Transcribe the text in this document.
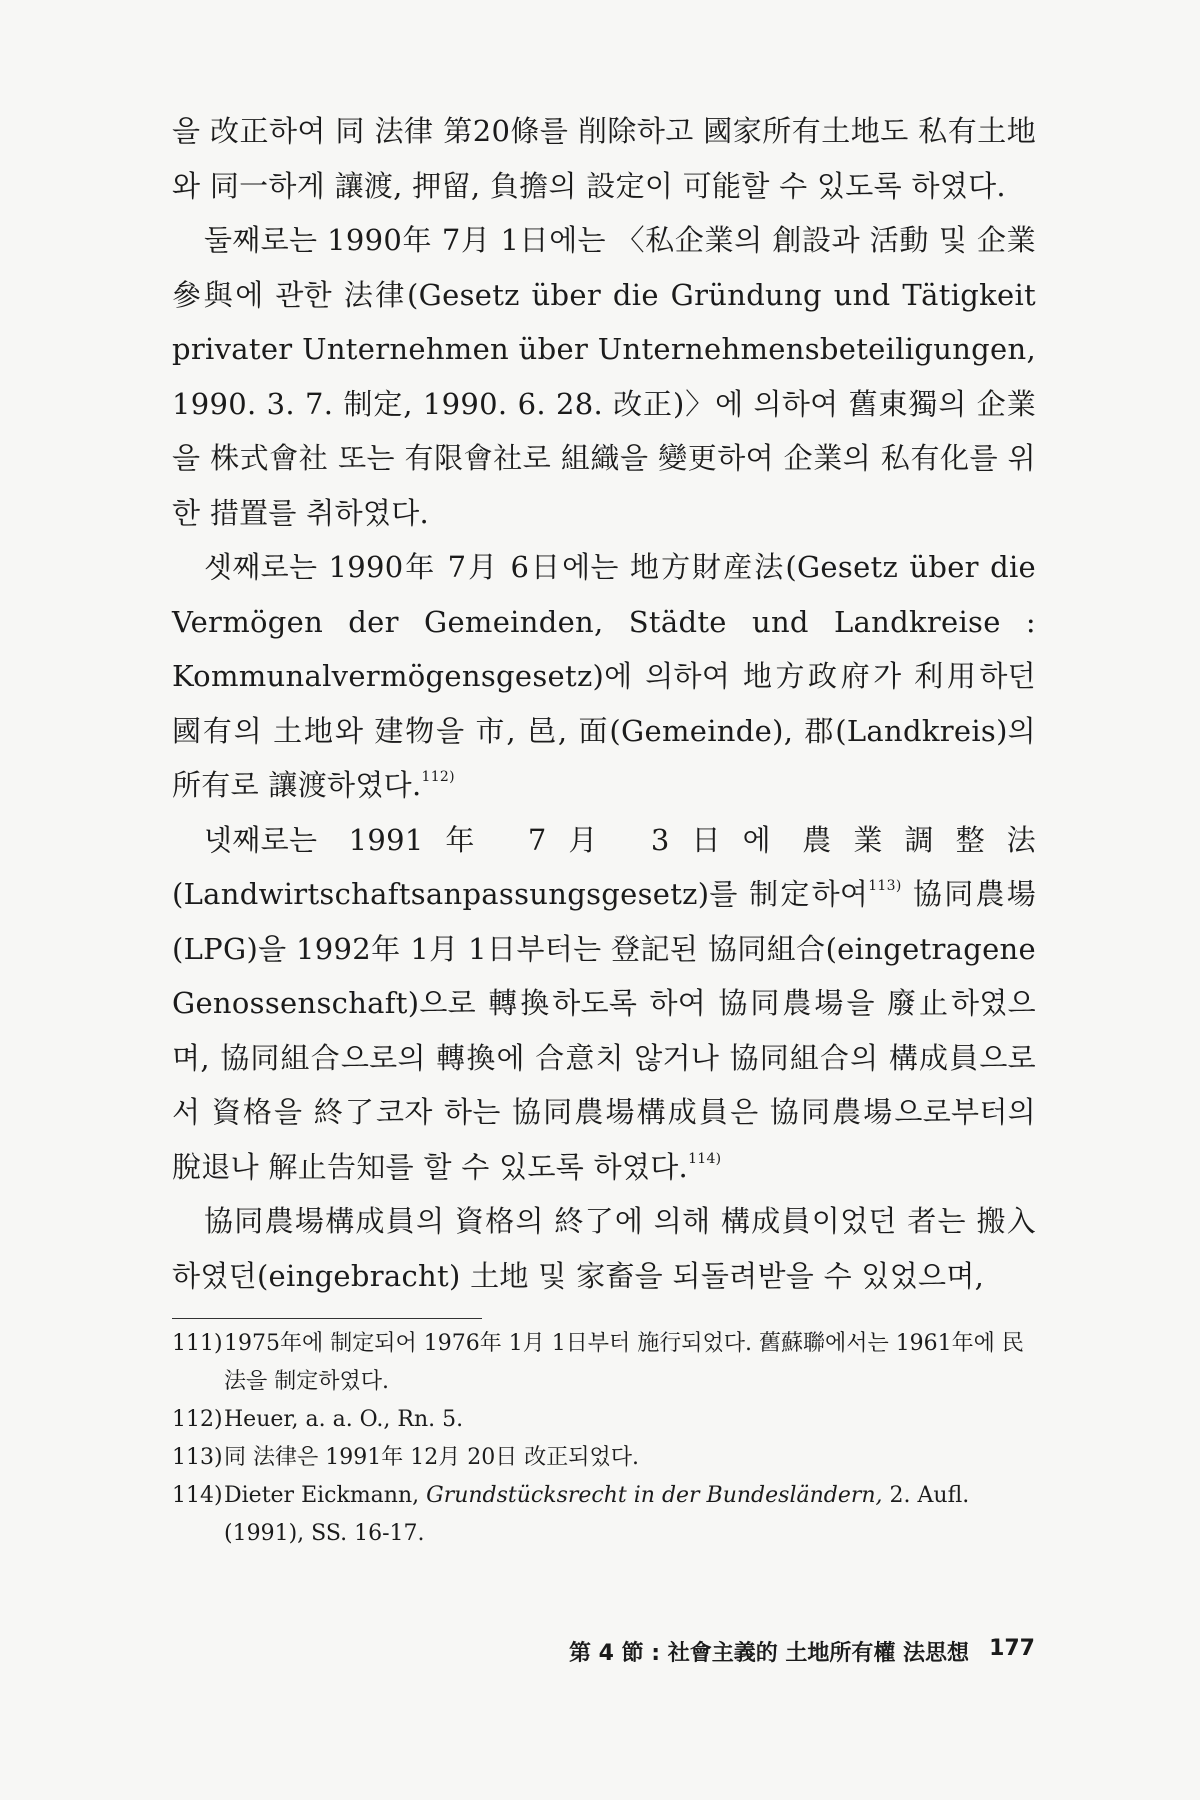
을 改正하여 同 法律 第20條를 削除하고 國家所有土地도 私有土地와 同一하게 讓渡, 押留, 負擔의 設定이 可能할 수 있도록 하였다.

둘째로는 1990年 7月 1日에는 〈私企業의 創設과 活動 및 企業參與에 관한 法律(Gesetz über die Gründung und Tätigkeit privater Unternehmen über Unternehmensbeteiligungen, 1990. 3. 7. 制定, 1990. 6. 28. 改正)〉에 의하여 舊東獨의 企業을 株式會社 또는 有限會社로 組織을 變更하여 企業의 私有化를 위한 措置를 취하였다.

셋째로는 1990年 7月 6日에는 地方財産法(Gesetz über die Vermögen der Gemeinden, Städte und Landkreise : Kommunalvermögensgesetz)에 의하여 地方政府가 利用하던 國有의 土地와 建物을 市, 邑, 面(Gemeinde), 郡(Landkreis)의 所有로 讓渡하였다.$^{112)}$

넷째로는 1991年 7月 3日에 農業調整法(Landwirtschaftsanpassungsgesetz)를 制定하여$^{113)}$ 協同農場(LPG)을 1992年 1月 1日부터는 登記된 協同組合(eingetragene Genossenschaft)으로 轉換하도록 하여 協同農場을 廢止하였으며, 協同組合으로의 轉換에 合意치 않거나 協同組合의 構成員으로서 資格을 終了코자 하는 協同農場構成員은 協同農場으로부터의 脫退나 解止告知를 할 수 있도록 하였다.$^{114)}$

協同農場構成員의 資格의 終了에 의해 構成員이었던 者는 搬入하였던(eingebracht) 土地 및 家畜을 되돌려받을 수 있었으며,

111) 1975年에 制定되어 1976年 1月 1日부터 施行되었다. 舊蘇聯에서는 1961年에 民法을 制定하였다.
112) Heuer, a. a. O., Rn. 5.
113) 同 法律은 1991年 12月 20日 改正되었다.
114) Dieter Eickmann, Grundstücksrecht in der Bundesländern, 2. Aufl.(1991), SS. 16-17.
第 4 節 : 社會主義的 土地所有權 法思想 177
